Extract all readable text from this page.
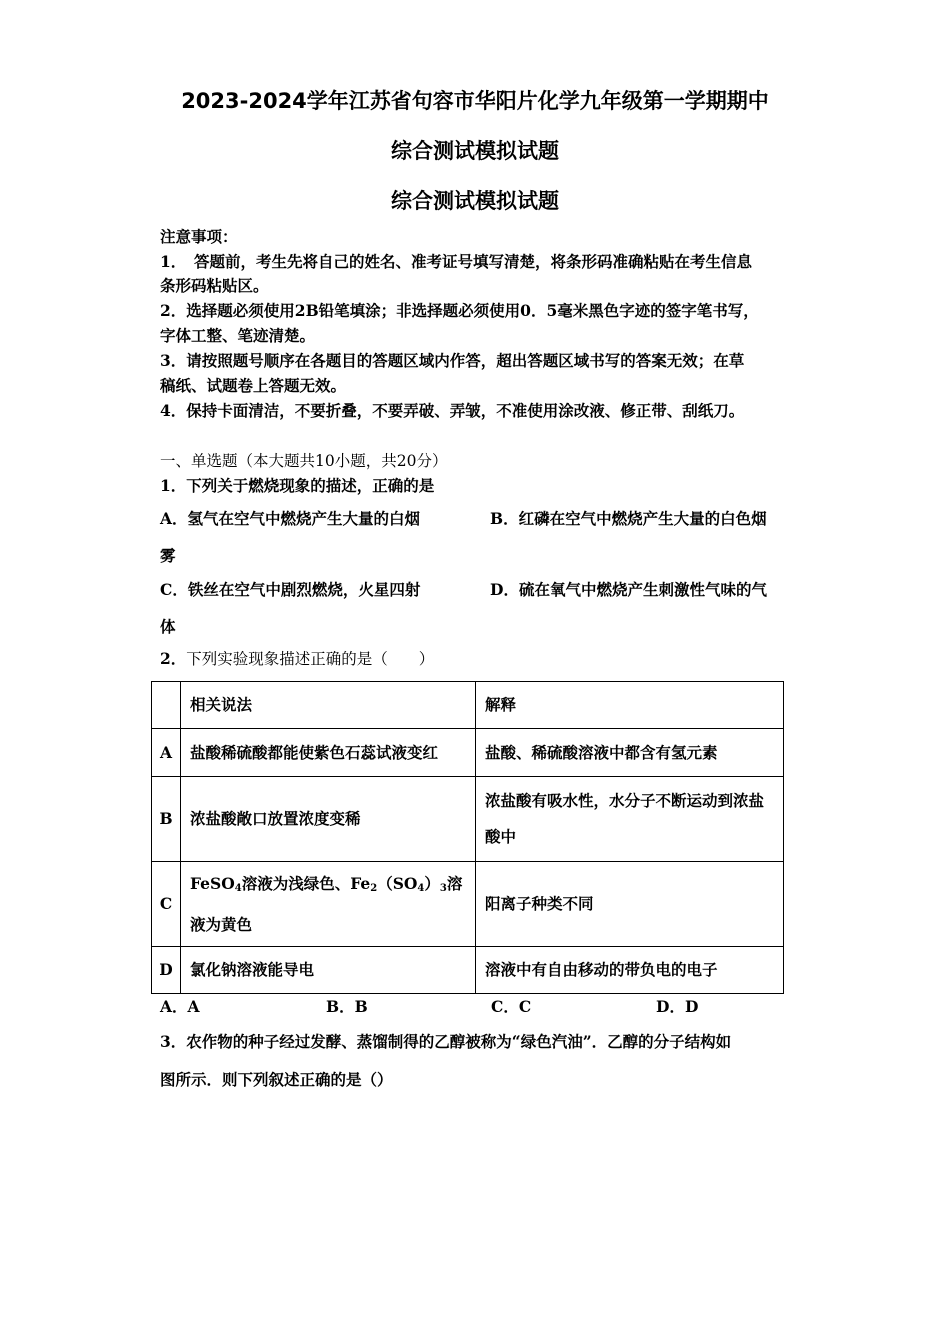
2023-2024学年江苏省句容市华阳片化学九年级第一学期期中
综合测试模拟试题
综合测试模拟试题
注意事项：
1．　答题前，考生先将自己的姓名、准考证号填写清楚，将条形码准确粘贴在考生信息
条形码粘贴区。
2．选择题必须使用2B铅笔填涂；非选择题必须使用0．5毫米黑色字迹的签字笔书写，
字体工整、笔迹清楚。
3．请按照题号顺序在各题目的答题区域内作答，超出答题区域书写的答案无效；在草
稿纸、试题卷上答题无效。
4．保持卡面清洁，不要折叠，不要弄破、弄皱，不准使用涂改液、修正带、刮纸刀。
一、单选题（本大题共10小题，共20分）
1．下列关于燃烧现象的描述，正确的是
A．氢气在空气中燃烧产生大量的白烟	B．红磷在空气中燃烧产生大量的白色烟
雾
C．铁丝在空气中剧烈燃烧，火星四射	D．硫在氧气中燃烧产生刺激性气味的气
体
2．下列实验现象描述正确的是（　　）
	相关说法	解释
A	盐酸稀硫酸都能使紫色石蕊试液变红	盐酸、稀硫酸溶液中都含有氢元素
B	浓盐酸敞口放置浓度变稀	浓盐酸有吸水性，水分子不断运动到浓盐酸中
C	FeSO$_4$溶液为浅绿色、$Fe_2(SO_4)_3$溶液为黄色	阳离子种类不同
D	氯化钠溶液能导电	溶液中有自由移动的带负电的电子
A．A	B．B	C．C	D．D
3．农作物的种子经过发酵、蒸馏制得的乙醇被称为“绿色汽油”．乙醇的分子结构如
图所示．则下列叙述正确的是（）
